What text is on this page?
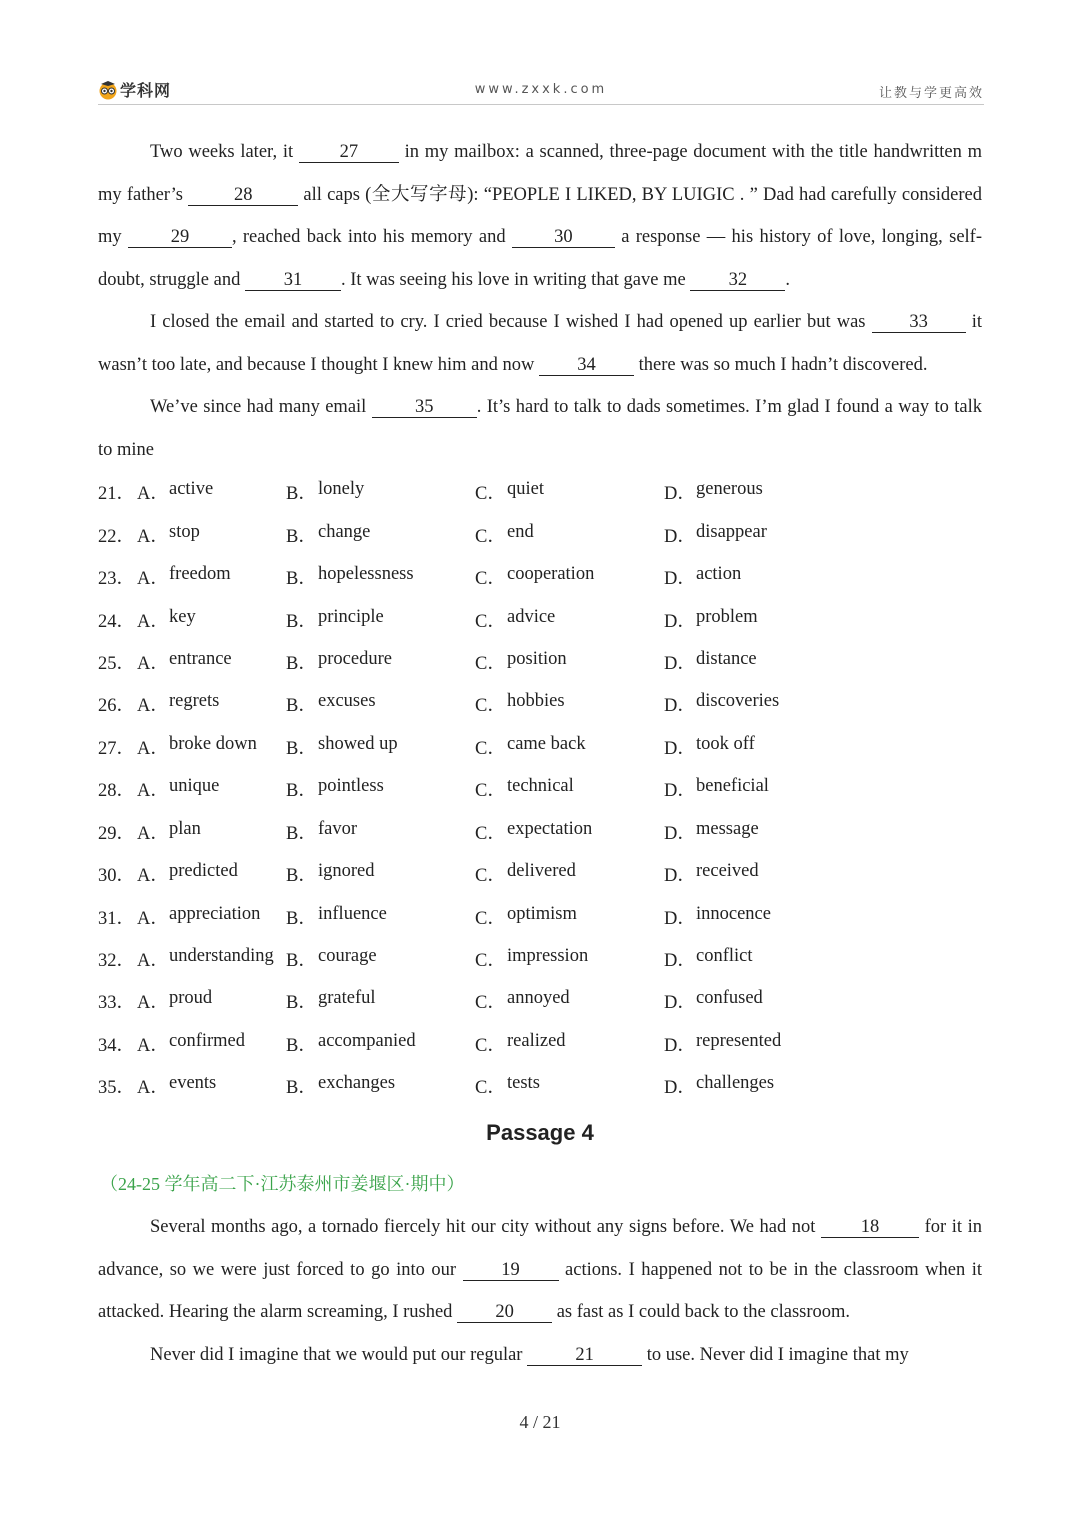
学科网	www.zxxk.com	让教与学更高效

Two weeks later, it 27 in my mailbox: a scanned, three-page document with the title handwritten m my father’s 28 all caps (全大写字母): “PEOPLE I LIKED, BY LUIGIC . ” Dad had carefully considered my 29 , reached back into his memory and 30 a response — his history of love, longing, self-doubt, struggle and 31 . It was seeing his love in writing that gave me 32 .

I closed the email and started to cry. I cried because I wished I had opened up earlier but was 33 it wasn’t too late, and because I thought I knew him and now 34 there was so much I hadn’t discovered.

We’ve since had many email 35 . It’s hard to talk to dads sometimes. I’m glad I found a way to talk to mine

21． A． active	B． lonely	C． quiet	D． generous
22． A． stop	B． change	C． end	D． disappear
23． A． freedom	B． hopelessness	C． cooperation	D． action
24． A． key	B． principle	C． advice	D． problem
25． A． entrance	B． procedure	C． position	D． distance
26． A． regrets	B． excuses	C． hobbies	D． discoveries
27． A． broke down B． showed up	C． came back	D． took off
28． A． unique	B． pointless	C． technical	D． beneficial
29． A． plan	B． favor	C． expectation	D． message
30． A． predicted	B． ignored	C． delivered	D． received
31． A． appreciation B． influence	C． optimism	D． innocence
32． A． understanding B． courage	C． impression	D． conflict
33． A． proud	B． grateful	C． annoyed	D． confused
34． A． confirmed B． accompanied	C． realized	D． represented
35． A． events	B． exchanges	C． tests	D． challenges
Passage 4
（24-25 学年高二下·江苏泰州市姜堰区·期中）

Several months ago, a tornado fiercely hit our city without any signs before. We had not 18 for it in advance, so we were just forced to go into our 19 actions. I happened not to be in the classroom when it attacked. Hearing the alarm screaming, I rushed 20 as fast as I could back to the classroom.

Never did I imagine that we would put our regular	21	to use. Never did I imagine that my

4 / 21
